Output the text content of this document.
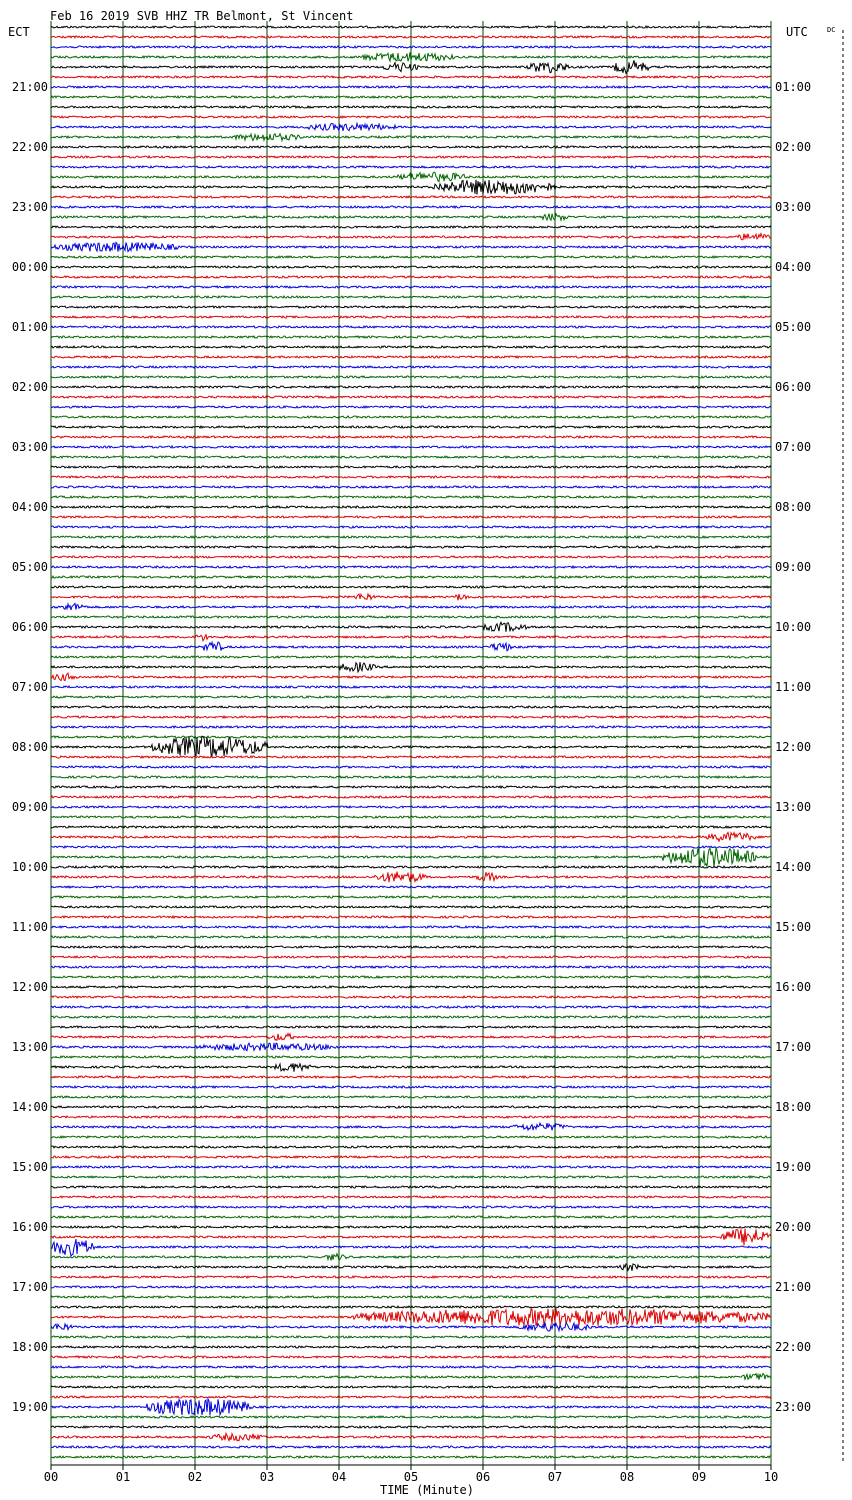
00	01	02	03	04	05	06	07	08	09	10
21:00
22:00
23:00
00:00
01:00
02:00
03:00
04:00
05:00
06:00
07:00
08:00
09:00
10:00
11:00
12:00
13:00
14:00
15:00
16:00
17:00
18:00
19:00
01:00
02:00
03:00
04:00
05:00
06:00
07:00
08:00
09:00
10:00
11:00
12:00
13:00
14:00
15:00
16:00
17:00
18:00
19:00
20:00
21:00
22:00
23:00
Feb 16 2019 SVB HHZ TR Belmont, St Vincent
ECT	UTC	DC
TIME (Minute)
